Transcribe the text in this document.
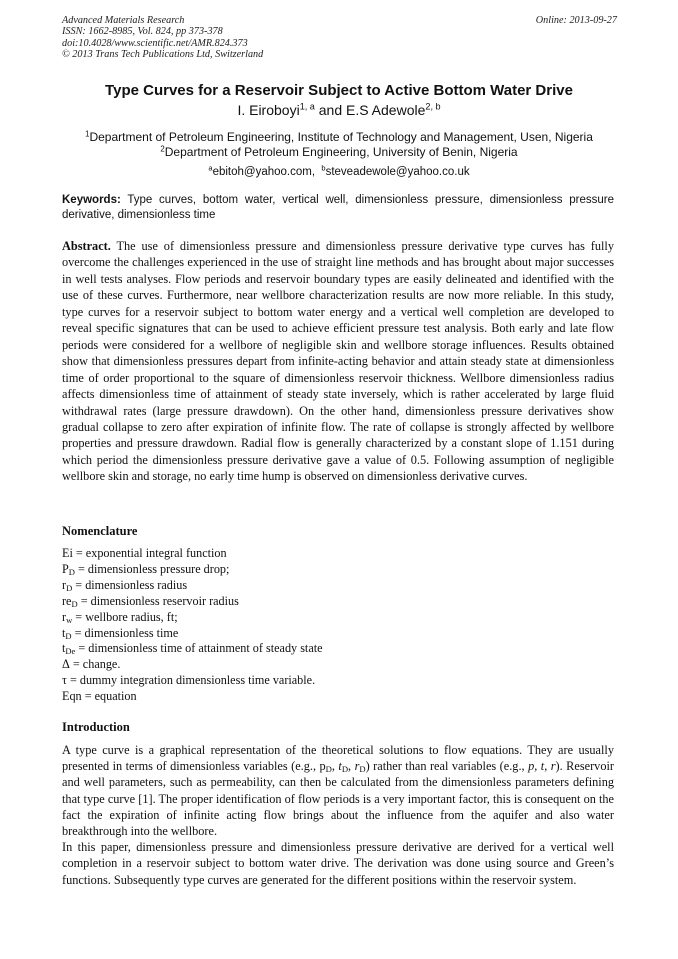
Advanced Materials Research
ISSN: 1662-8985, Vol. 824, pp 373-378
doi:10.4028/www.scientific.net/AMR.824.373
© 2013 Trans Tech Publications Ltd, Switzerland
Online: 2013-09-27
Type Curves for a Reservoir Subject to Active Bottom Water Drive
I. Eiroboyi$^{1, a}$ and E.S Adewole$^{2, b}$
$^1$Department of Petroleum Engineering, Institute of Technology and Management, Usen, Nigeria
$^2$Department of Petroleum Engineering, University of Benin, Nigeria
$^a$ebitoh@yahoo.com, $^b$steveadewole@yahoo.co.uk
Keywords: Type curves, bottom water, vertical well, dimensionless pressure, dimensionless pressure derivative, dimensionless time
Abstract. The use of dimensionless pressure and dimensionless pressure derivative type curves has fully overcome the challenges experienced in the use of straight line methods and has brought about major successes in well tests analyses. Flow periods and reservoir boundary types are easily delineated and identified with the use of these curves. Furthermore, near wellbore characterization results are now more reliable. In this study, type curves for a reservoir subject to bottom water energy and a vertical well completion are developed to reveal specific signatures that can be used to achieve efficient pressure test analysis. Both early and late flow periods were considered for a wellbore of negligible skin and wellbore storage influences. Results obtained show that dimensionless pressures depart from infinite-acting behavior and attain steady state at dimensionless time of order proportional to the square of dimensionless reservoir thickness. Wellbore dimensionless radius affects dimensionless time of attainment of steady state inversely, which is rather accelerated by large fluid withdrawal rates (large pressure drawdown). On the other hand, dimensionless pressure derivatives show gradual collapse to zero after expiration of infinite flow. The rate of collapse is strongly affected by wellbore properties and pressure drawdown. Radial flow is generally characterized by a constant slope of 1.151 during which period the dimensionless pressure derivative gave a value of 0.5. Following assumption of negligible wellbore skin and storage, no early time hump is observed on dimensionless derivative curves.
Nomenclature
Ei = exponential integral function
$P_D$ = dimensionless pressure drop;
$r_D$ = dimensionless radius
$re_D$ = dimensionless reservoir radius
$r_w$ = wellbore radius, ft;
$t_D$ = dimensionless time
$t_{De}$ = dimensionless time of attainment of steady state
Δ = change.
τ = dummy integration dimensionless time variable.
Eqn = equation
Introduction

A type curve is a graphical representation of the theoretical solutions to flow equations. They are usually presented in terms of dimensionless variables (e.g., $p_D$, $t_D$, $r_D$) rather than real variables (e.g., p, t, r). Reservoir and well parameters, such as permeability, can then be calculated from the dimensionless parameters defining that type curve [1]. The proper identification of flow periods is a very important factor, this is consequent on the fact the expiration of infinite acting flow brings about the influence from the aquifer and also water breakthrough into the wellbore.

In this paper, dimensionless pressure and dimensionless pressure derivative are derived for a vertical well completion in a reservoir subject to bottom water drive. The derivation was done using source and Green’s functions. Subsequently type curves are generated for the different positions within the reservoir system.
